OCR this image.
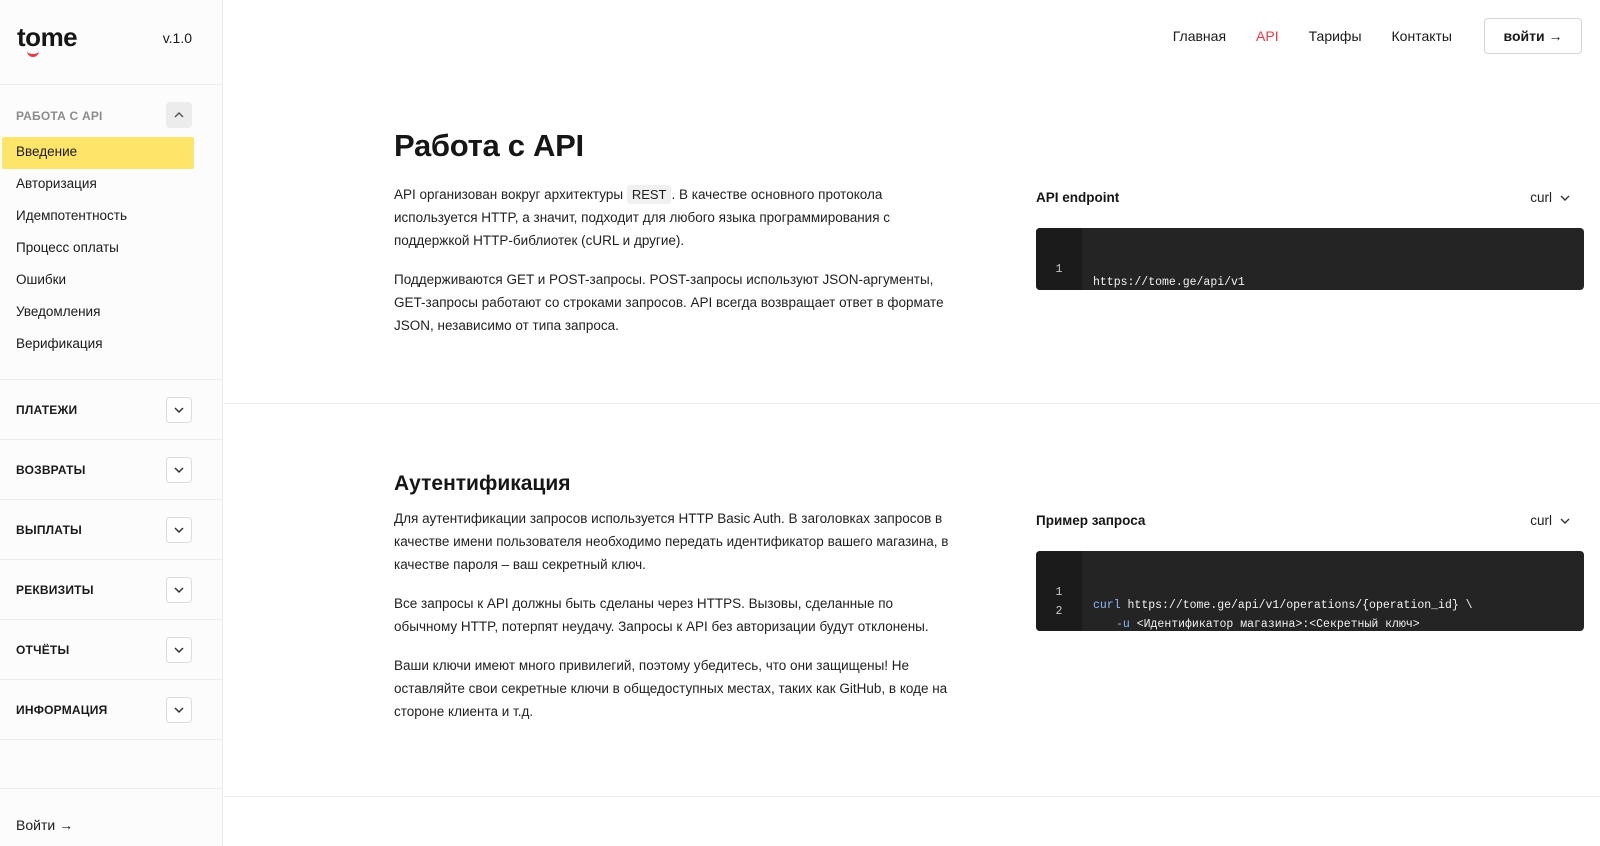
to
me	v.1.0
РАБОТА С API
Введение
Авторизация
Идемпотентность
Процесс оплаты
Ошибки
Уведомления
Верификация
ПЛАТЕЖИ
ВОЗВРАТЫ
ВЫПЛАТЫ
РЕКВИЗИТЫ
ОТЧЁТЫ
ИНФОРМАЦИЯ
Войти →
Главная API Тарифы Контакты	войти →
Работа с API

API организован вокруг архитектуры REST . В качестве основного протокола используется HTTP, а значит, подходит для любого языка программирования с поддержкой HTTP-библиотек (cURL и другие).

Поддерживаются GET и POST-запросы. POST-запросы используют JSON-аргументы, GET-запросы работают со строками запросов. API всегда возвращает ответ в формате JSON, независимо от типа запроса.

API endpoint	curl

1

https://tome.ge/api/v1

Аутентификация

Для аутентификации запросов используется HTTP Basic Auth. В заголовках запросов в качестве имени пользователя необходимо передать идентификатор вашего магазина, в качестве пароля – ваш секретный ключ.

Все запросы к API должны быть сделаны через HTTPS. Вызовы, сделанные по обычному HTTP, потерпят неудачу. Запросы к API без авторизации будут отклонены.

Ваши ключи имеют много привилегий, поэтому убедитесь, что они защищены! Не оставляйте свои секретные ключи в общедоступных местах, таких как GitHub, в коде на стороне клиента и т.д.

Пример запроса	curl

1

curl https://tome.ge/api/v1/operations/{operation_id} \

2

-u <Идентификатор магазина>:<Секретный ключ>
